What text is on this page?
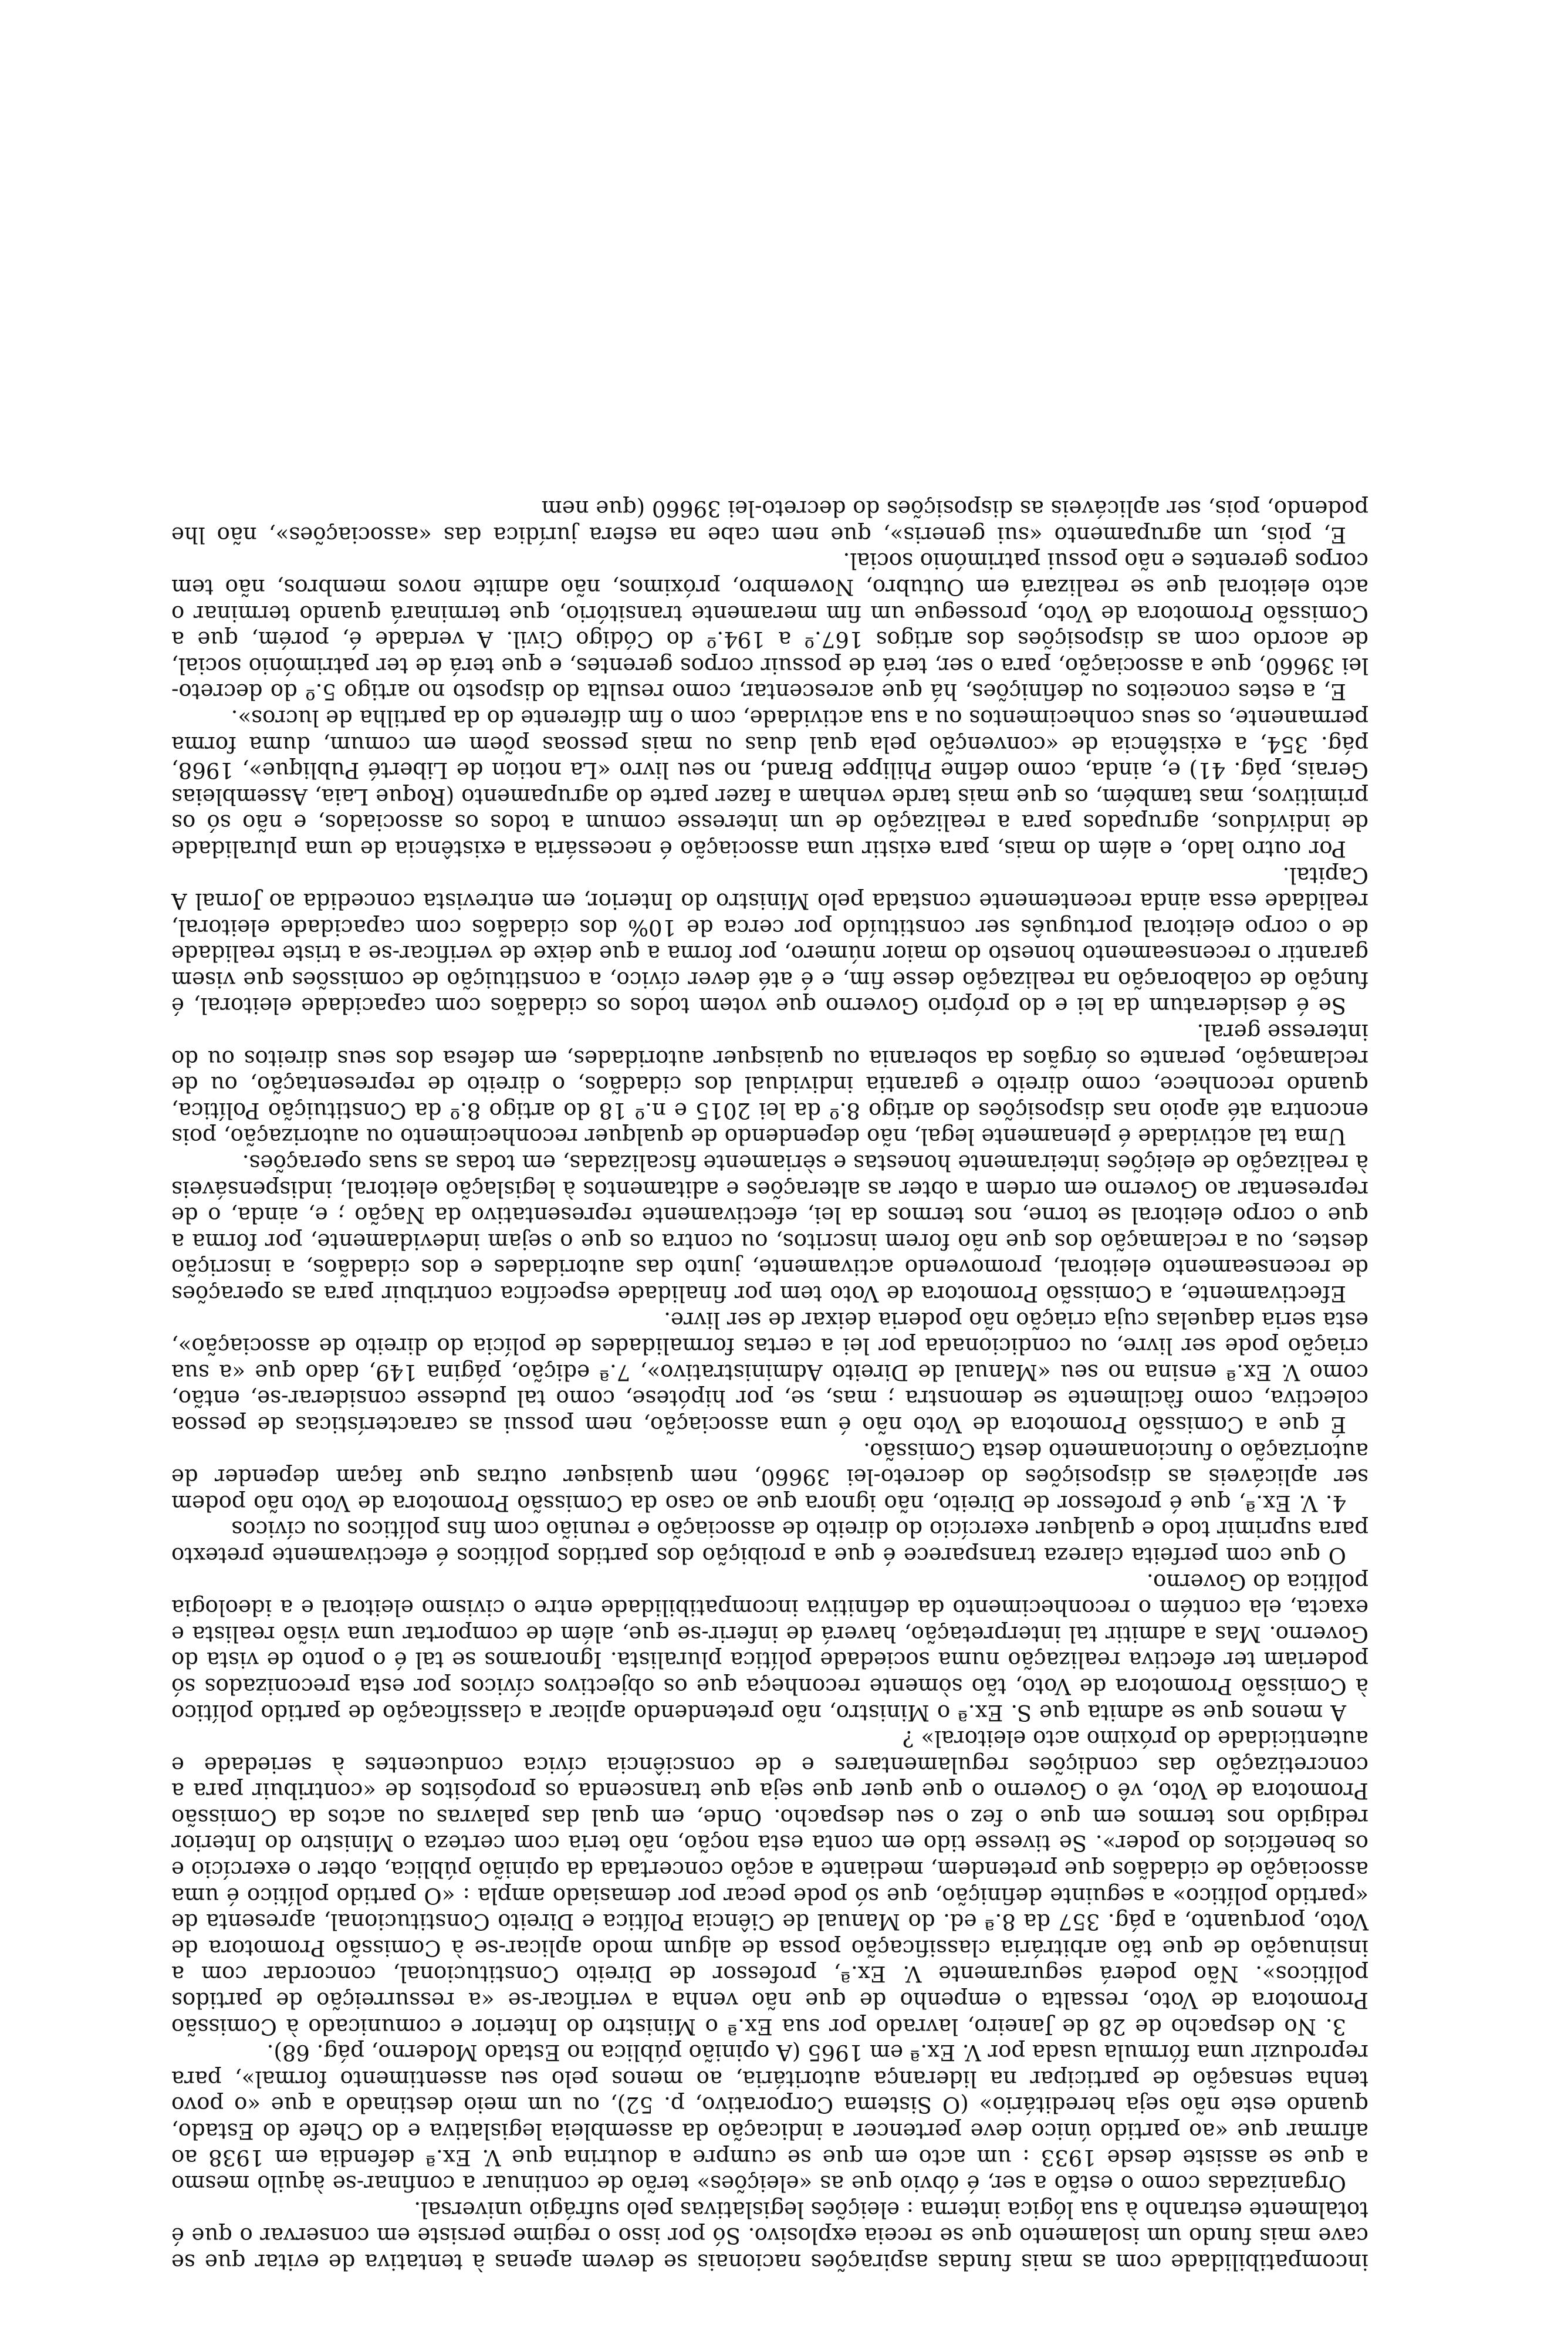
incompatibilidade com as mais fundas aspirações nacionais se devem apenas à tentativa de evitar que se cave mais fundo um isolamento que se receia explosivo. Só por isso o regime persiste em conservar o que é totalmente estranho à sua lógica interna : eleições legislativas pelo sufrágio universal.

Organizadas como o estão a ser, é óbvio que as «eleições» terão de continuar a confinar-se àquilo mesmo a que se assiste desde 1933 : um acto em que se cumpre a doutrina que V. Ex.ª defendia em 1938 ao afirmar que «ao partido único deve pertencer a indicação da assembleia legislativa e do Chefe do Estado, quando este não seja hereditário» (O Sistema Corporativo, p. 52), ou um meio destinado a que «o povo tenha sensação de participar na liderança autoritária, ao menos pelo seu assentimento formal», para reproduzir uma fórmula usada por V. Ex.ª em 1965 (A opinião pública no Estado Moderno, pág. 68).

3. No despacho de 28 de Janeiro, lavrado por sua Ex.ª o Ministro do Interior e comunicado à Comissão Promotora de Voto, ressalta o empenho de que não venha a verificar-se «a ressurreição de partidos políticos». Não poderá seguramente V. Ex.ª, professor de Direito Constitucional, concordar com a insinuação de que tão arbitrária classificação possa de algum modo aplicar-se à Comissão Promotora de Voto, porquanto, a pág. 357 da 8.ª ed. do Manual de Ciência Política e Direito Constitucional, apresenta de «partido político» a seguinte definição, que só pode pecar por demasiado ampla : «O partido político é uma associação de cidadãos que pretendem, mediante a acção concertada da opinião pública, obter o exercício e os benefícios do poder». Se tivesse tido em conta esta noção, não teria com certeza o Ministro do Interior redigido nos termos em que o fez o seu despacho. Onde, em qual das palavras ou actos da Comissão Promotora de Voto, vê o Governo o que quer que seja que transcenda os propósitos de «contribuir para a concretização das condições regulamentares e de consciência cívica conducentes à seriedade e autenticidade do próximo acto eleitoral» ?

A menos que se admita que S. Ex.ª o Ministro, não pretendendo aplicar a classificação de partido político à Comissão Promotora de Voto, tão sòmente reconheça que os objectivos cívicos por esta preconizados só poderiam ter efectiva realização numa sociedade política pluralista. Ignoramos se tal é o ponto de vista do Governo. Mas a admitir tal interpretação, haverá de inferir-se que, além de comportar uma visão realista e exacta, ela contém o reconhecimento da definitiva incompatibilidade entre o civismo eleitoral e a ideologia política do Governo.

O que com perfeita clareza transparece é que a proibição dos partidos políticos é efectivamente pretexto para suprimir todo e qualquer exercício do direito de associação e reunião com fins políticos ou cívicos

4. V. Ex.ª, que é professor de Direito, não ignora que ao caso da Comissão Promotora de Voto não podem ser aplicáveis as disposições do decreto-lei 39660, nem quaisquer outras que façam depender de autorização o funcionamento desta Comissão.

É que a Comissão Promotora de Voto não é uma associação, nem possui as características de pessoa colectiva, como fàcilmente se demonstra ; mas, se, por hipótese, como tal pudesse considerar-se, então, como V. Ex.ª ensina no seu «Manual de Direito Administrativo», 7.ª edição, página 149, dado que «a sua criação pode ser livre, ou condicionada por lei a certas formalidades de polícia do direito de associação», esta seria daquelas cuja criação não poderia deixar de ser livre.

Efectivamente, a Comissão Promotora de Voto tem por finalidade específica contribuir para as operações de recenseamento eleitoral, promovendo activamente, junto das autoridades e dos cidadãos, a inscrição destes, ou a reclamação dos que não forem inscritos, ou contra os que o sejam indevidamente, por forma a que o corpo eleitoral se torne, nos termos da lei, efectivamente representativo da Nação ; e, ainda, o de representar ao Governo em ordem a obter as alterações e aditamentos à legislação eleitoral, indispensáveis à realização de eleições inteiramente honestas e sèriamente fiscalizadas, em todas as suas operações.

Uma tal actividade é plenamente legal, não dependendo de qualquer reconhecimento ou autorização, pois encontra até apoio nas disposições do artigo 8.º da lei 2015 e n.º 18 do artigo 8.º da Constituição Política, quando reconhece, como direito e garantia individual dos cidadãos, o direito de representação, ou de reclamação, perante os órgãos da soberania ou quaisquer autoridades, em defesa dos seus direitos ou do interesse geral.

Se é desideratum da lei e do próprio Governo que votem todos os cidadãos com capacidade eleitoral, é função de colaboração na realização desse fim, e é até dever cívico, a constituição de comissões que visem garantir o recenseamento honesto do maior número, por forma a que deixe de verificar-se a triste realidade de o corpo eleitoral português ser constituído por cerca de 10% dos cidadãos com capacidade eleitoral, realidade essa ainda recentemente constada pelo Ministro do Interior, em entrevista concedida ao Jornal A Capital.

Por outro lado, e além do mais, para existir uma associação é necessária a existência de uma pluralidade de indivíduos, agrupados para a realização de um interesse comum a todos os associados, e não só os primitivos, mas também, os que mais tarde venham a fazer parte do agrupamento (Roque Laia, Assembleias Gerais, pág. 41) e, ainda, como define Philippe Brand, no seu livro «La notion de Liberté Publique», 1968, pág. 354, a existência de «convenção pela qual duas ou mais pessoas põem em comum, duma forma permanente, os seus conhecimentos ou a sua actividade, com o fim diferente do da partilha de lucros».

E, a estes conceitos ou definições, há que acrescentar, como resulta do disposto no artigo 5.º do decreto-lei 39660, que a associação, para o ser, terá de possuir corpos gerentes, e que terá de ter património social, de acordo com as disposições dos artigos 167.º a 194.º do Código Civil. A verdade é, porém, que a Comissão Promotora de Voto, prossegue um fim meramente transitório, que terminará quando terminar o acto eleitoral que se realizará em Outubro, Novembro, próximos, não admite novos membros, não tem corpos gerentes e não possui património social.

E, pois, um agrupamento «sui generis», que nem cabe na esfera jurídica das «associações», não lhe podendo, pois, ser aplicáveis as disposições do decreto-lei 39660 (que nem
